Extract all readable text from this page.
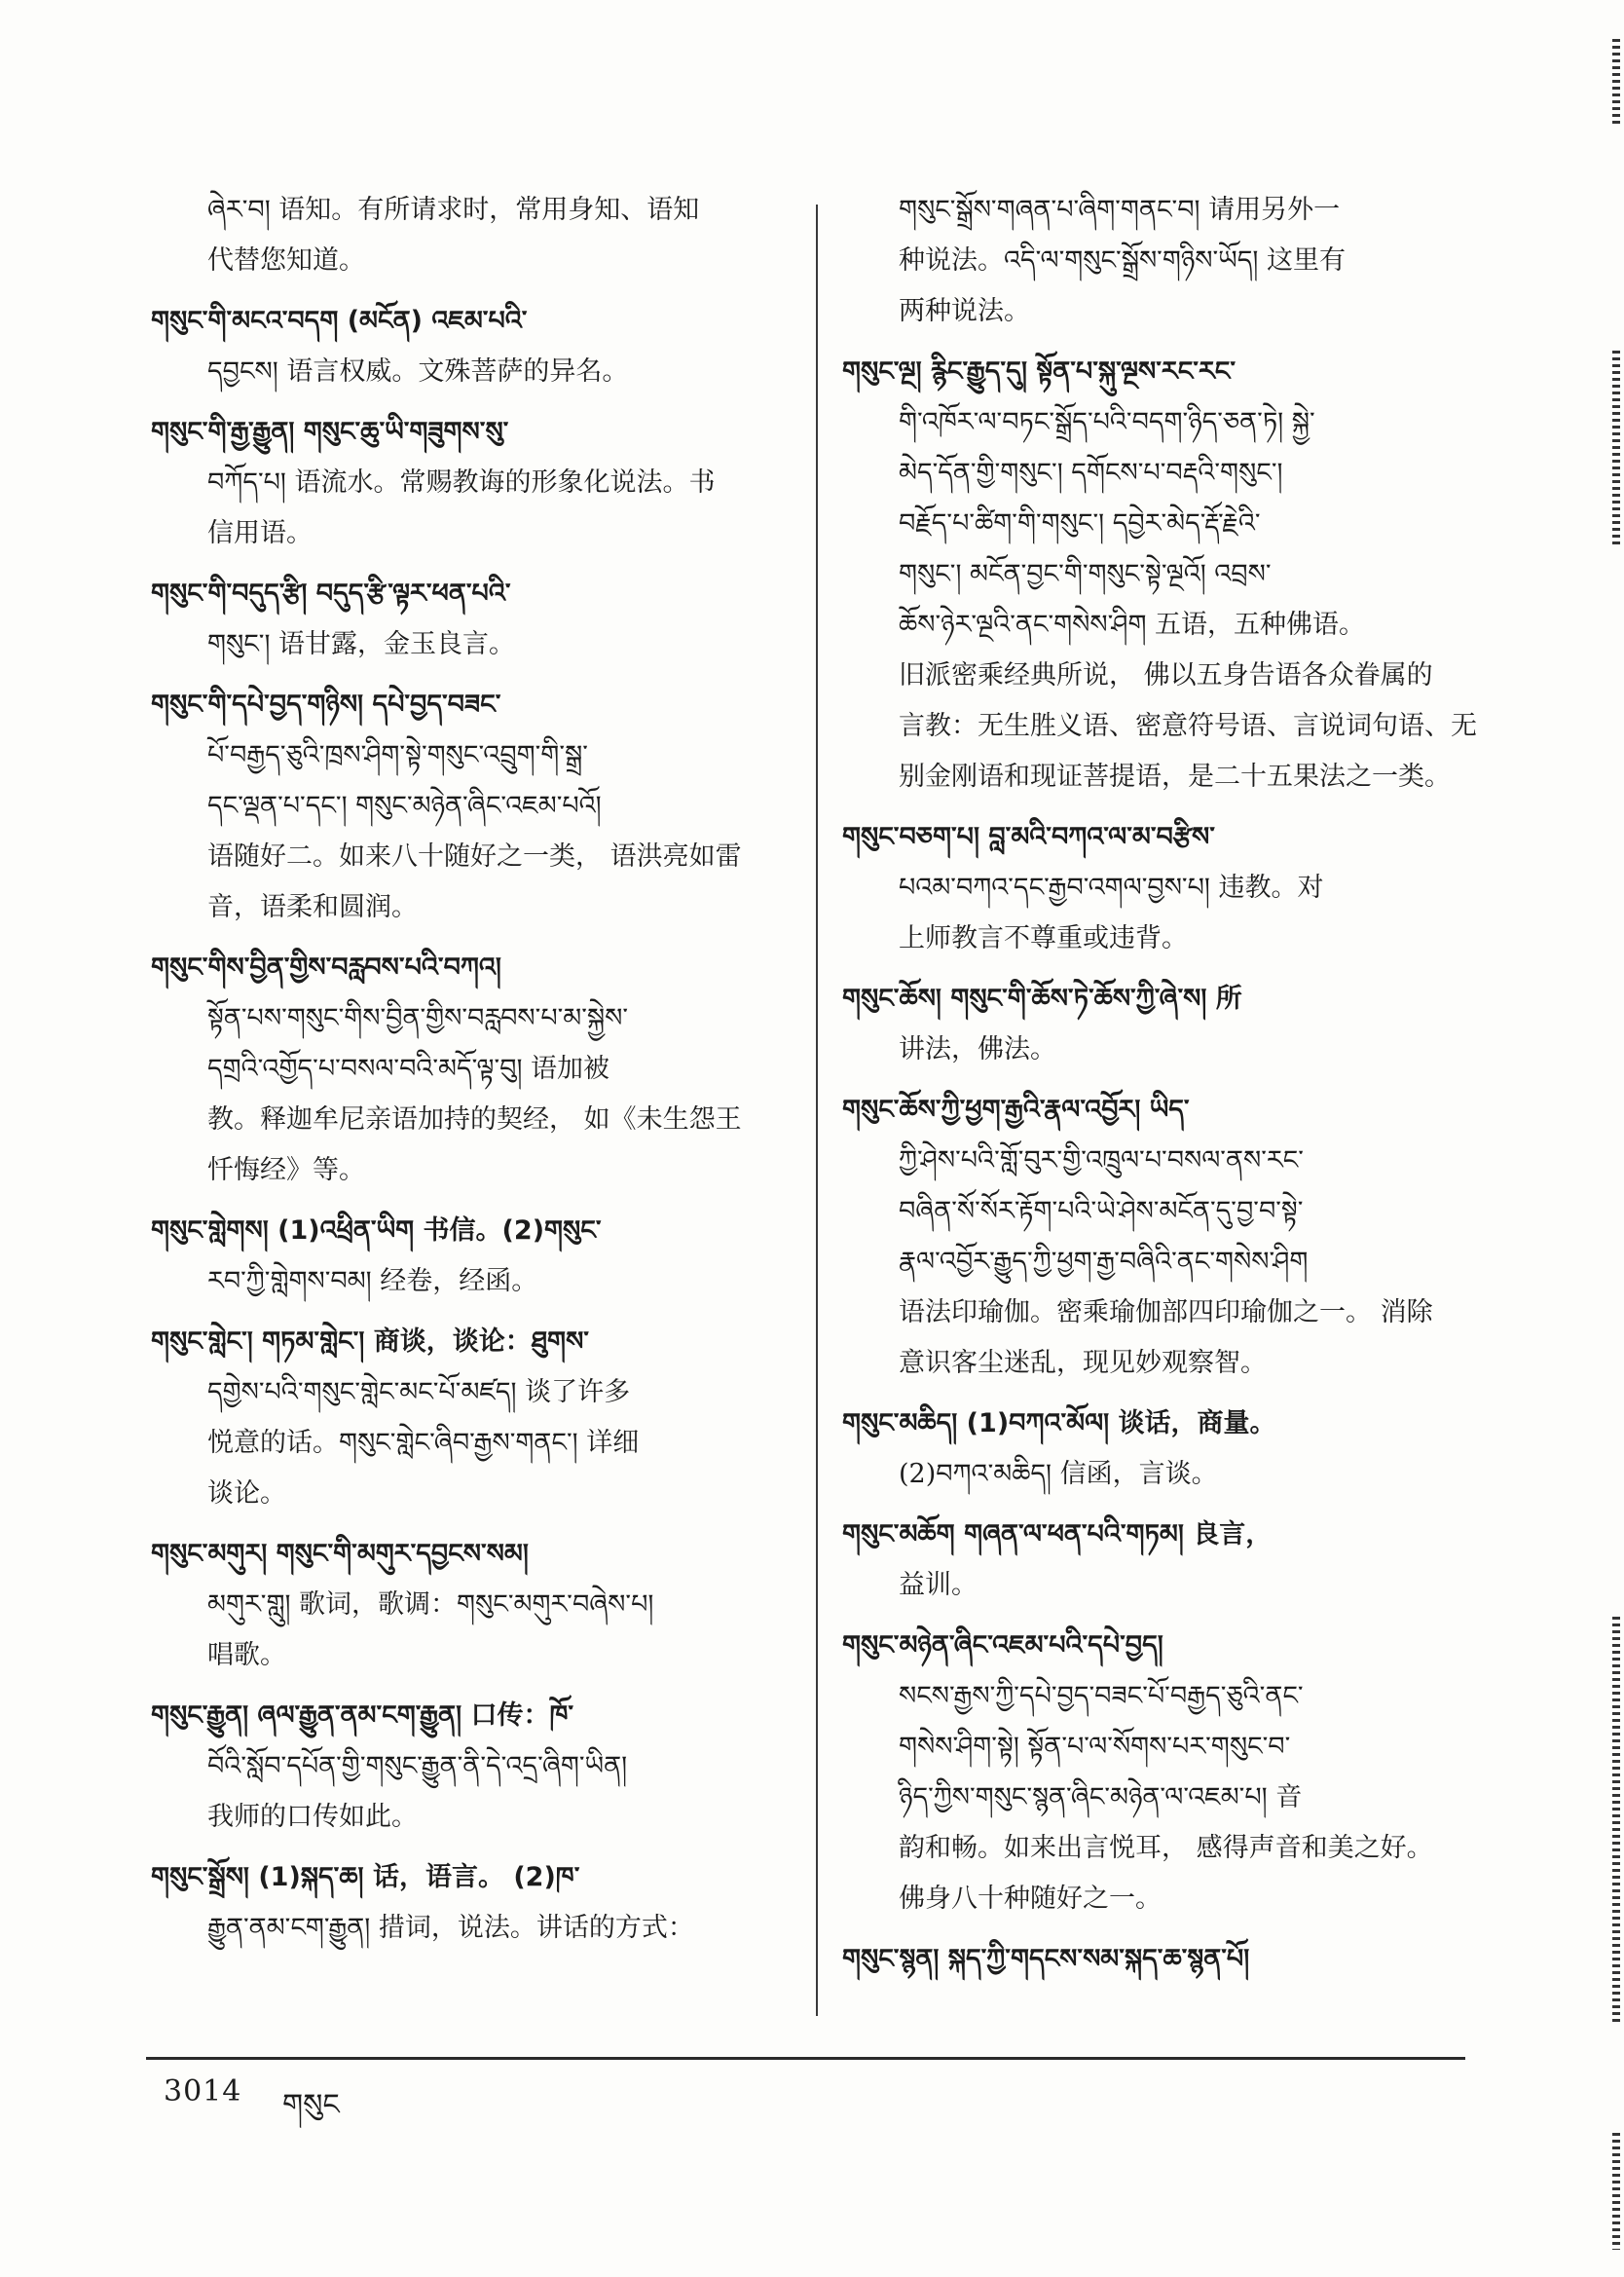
ཞེར་བ། 语知。有所请求时，常用身知、语知
代替您知道。
གསུང་གི་མངའ་བདག (མངོན) འཇམ་པའི་
དབྱངས། 语言权威。文殊菩萨的异名。
གསུང་གི་རྒྱ་རྒྱུན། གསུང་ཆུ་ཡི་གཟུགས་སུ་
བཀོད་པ། 语流水。常赐教诲的形象化说法。书
信用语。
གསུང་གི་བདུད་རྩི། བདུད་རྩི་ལྟར་ཕན་པའི་
གསུང་། 语甘露，金玉良言。
གསུང་གི་དཔེ་བྱད་གཉིས། དཔེ་བྱད་བཟང་
པོ་བརྒྱད་ཅུའི་ཁྲས་ཤིག་སྟེ་གསུང་འབྲུག་གི་སྒྲ་
དང་ལྡན་པ་དང་། གསུང་མཉེན་ཞིང་འཇམ་པའོ།
语随好二。如来八十随好之一类， 语洪亮如雷
音，语柔和圆润。
གསུང་གིས་བྱིན་གྱིས་བརླབས་པའི་བཀའ།
སྟོན་པས་གསུང་གིས་བྱིན་གྱིས་བརླབས་པ་མ་སྐྱེས་
དགྲའི་འགྱོད་པ་བསལ་བའི་མདོ་ལྟ་བུ། 语加被
教。释迦牟尼亲语加持的契经， 如《未生怨王
忏悔经》等。
གསུང་གླེགས། (1)འཕྲིན་ཡིག 书信。(2)གསུང་
རབ་ཀྱི་གླེགས་བམ། 经卷，经函。
གསུང་གླེང་། གཏམ་གླེང་། 商谈，谈论：ཐུགས་
དགྱེས་པའི་གསུང་གླེང་མང་པོ་མཛད། 谈了许多
悦意的话。གསུང་གླེང་ཞིབ་རྒྱས་གནང་། 详细
谈论。
གསུང་མགུར། གསུང་གི་མགུར་དབྱངས་སམ།
མགུར་གླུ། 歌词，歌调：གསུང་མགུར་བཞེས་པ།
唱歌。
གསུང་རྒྱུན། ཞལ་རྒྱུན་ནམ་ངག་རྒྱུན། 口传：ཁོ་
བོའི་སློབ་དཔོན་གྱི་གསུང་རྒྱུན་ནི་དེ་འདྲ་ཞིག་ཡིན།
我师的口传如此。
གསུང་སྒྲོས། (1)སྐད་ཆ། 话，语言。 (2)ཁ་
རྒྱུན་ནམ་ངག་རྒྱུན། 措词，说法。讲话的方式：
གསུང་སྒྲོས་གཞན་པ་ཞིག་གནང་བ། 请用另外一
种说法。འདི་ལ་གསུང་སྒྲོས་གཉིས་ཡོད། 这里有
两种说法。
གསུང་ལྔ། རྙིང་རྒྱུད་དུ། སྟོན་པ་སྐུ་ལྔས་རང་རང་
གི་འཁོར་ལ་བཏང་སྒྲོད་པའི་བདག་ཉིད་ཅན་ཏེ། སྐྱེ་
མེད་དོན་གྱི་གསུང་། དགོངས་པ་བརྡའི་གསུང་།
བརྗོད་པ་ཚིག་གི་གསུང་། དབྱེར་མེད་རྡོ་རྗེའི་
གསུང་། མངོན་བྱང་གི་གསུང་སྟེ་ལྔའོ། འབྲས་
ཆོས་ཉེར་ལྔའི་ནང་གསེས་ཤིག 五语，五种佛语。
旧派密乘经典所说， 佛以五身告语各众眷属的
言教：无生胜义语、密意符号语、言说词句语、无
别金刚语和现证菩提语，是二十五果法之一类。
གསུང་བཅག་པ། བླ་མའི་བཀའ་ལ་མ་བརྩིས་
པའམ་བཀའ་དང་རྒྱབ་འགལ་བྱས་པ། 违教。对
上师教言不尊重或违背。
གསུང་ཆོས། གསུང་གི་ཆོས་ཏེ་ཆོས་ཀྱི་ཞེ་ས། 所
讲法，佛法。
གསུང་ཆོས་ཀྱི་ཕྱག་རྒྱའི་རྣལ་འབྱོར། ཡིད་
ཀྱི་ཤེས་པའི་གློ་བུར་གྱི་འཁྲུལ་པ་བསལ་ནས་རང་
བཞིན་སོ་སོར་རྟོག་པའི་ཡེ་ཤེས་མངོན་དུ་བྱ་བ་སྟེ་
རྣལ་འབྱོར་རྒྱུད་ཀྱི་ཕྱག་རྒྱ་བཞིའི་ནང་གསེས་ཤིག
语法印瑜伽。密乘瑜伽部四印瑜伽之一。 消除
意识客尘迷乱，现见妙观察智。
གསུང་མཆིད། (1)བཀའ་མོལ། 谈话，商量。
(2)བཀའ་མཆིད། 信函，言谈。
གསུང་མཆོག གཞན་ལ་ཕན་པའི་གཏམ། 良言，
益训。
གསུང་མཉེན་ཞིང་འཇམ་པའི་དཔེ་བྱད།
སངས་རྒྱས་ཀྱི་དཔེ་བྱད་བཟང་པོ་བརྒྱད་ཅུའི་ནང་
གསེས་ཤིག་སྟེ། སྟོན་པ་ལ་སོགས་པར་གསུང་བ་
ཉིད་ཀྱིས་གསུང་སྙན་ཞིང་མཉེན་ལ་འཇམ་པ། 音
韵和畅。如来出言悦耳， 感得声音和美之好。
佛身八十种随好之一。
གསུང་སྙན། སྐད་ཀྱི་གདངས་སམ་སྐད་ཆ་སྙན་པོ།
3014 གསུང
